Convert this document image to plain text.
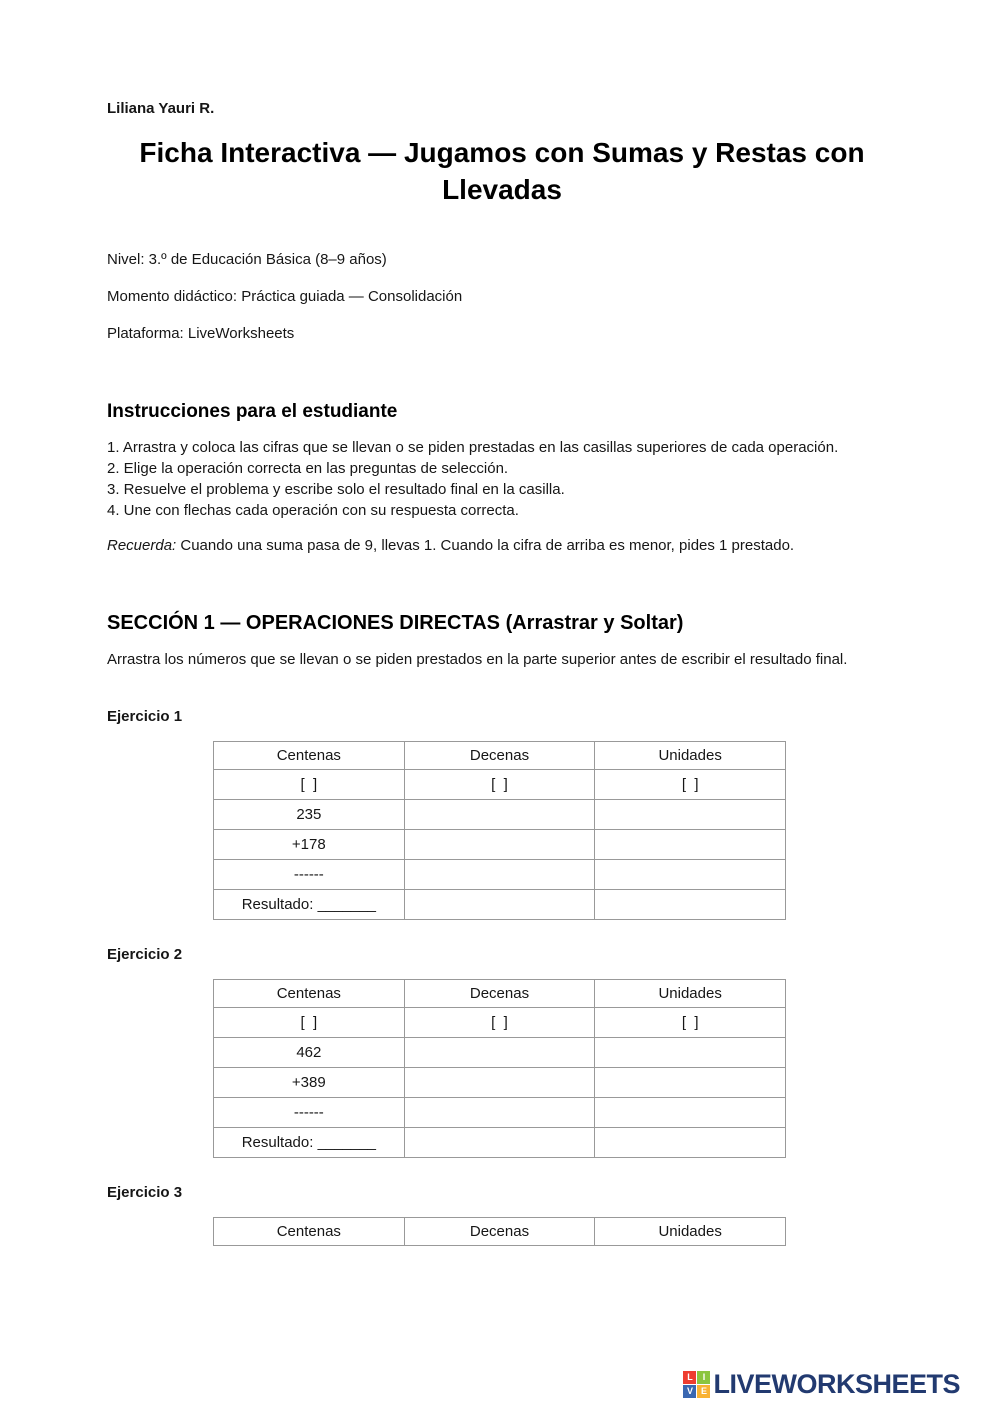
Liliana Yauri R.

Ficha Interactiva — Jugamos con Sumas y Restas con Llevadas

Nivel: 3.º de Educación Básica (8–9 años)

Momento didáctico: Práctica guiada — Consolidación

Plataforma: LiveWorksheets

Instrucciones para el estudiante
1. Arrastra y coloca las cifras que se llevan o se piden prestadas en las casillas superiores de cada operación.
2. Elige la operación correcta en las preguntas de selección.
3. Resuelve el problema y escribe solo el resultado final en la casilla.
4. Une con flechas cada operación con su respuesta correcta.

Recuerda: Cuando una suma pasa de 9, llevas 1. Cuando la cifra de arriba es menor, pides 1 prestado.

SECCIÓN 1 — OPERACIONES DIRECTAS (Arrastrar y Soltar)

Arrastra los números que se llevan o se piden prestados en la parte superior antes de escribir el resultado final.

Ejercicio 1

Centenas	Decenas	Unidades
[  ]	[  ]	[  ]
235		
+178		
------		
Resultado: _______		

Ejercicio 2

Centenas	Decenas	Unidades
[  ]	[  ]	[  ]
462		
+389		
------		
Resultado: _______		

Ejercicio 3

Centenas	Decenas	Unidades
L	I
V E LIVEWORKSHEETS
